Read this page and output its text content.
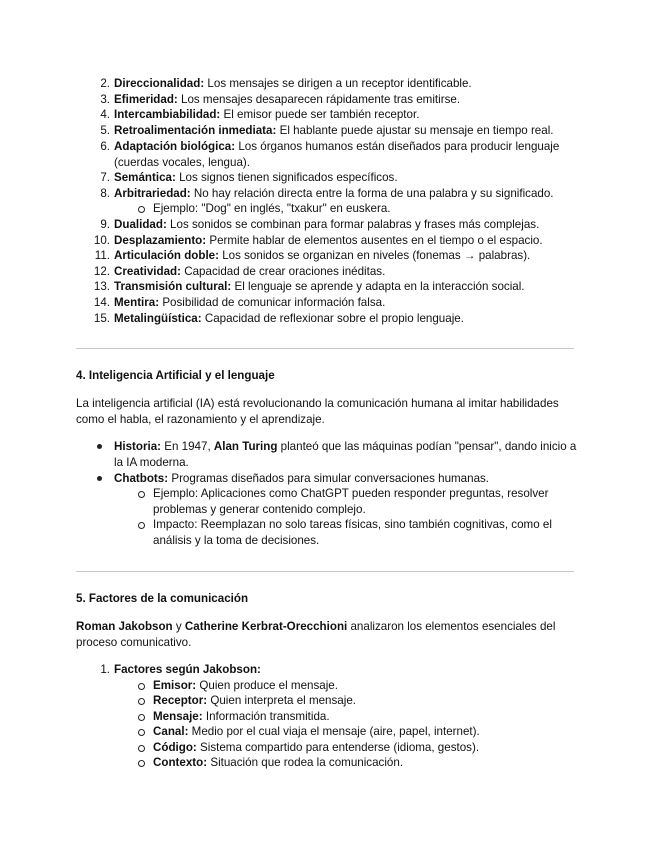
2. Direccionalidad: Los mensajes se dirigen a un receptor identificable.
3. Efimeridad: Los mensajes desaparecen rápidamente tras emitirse.
4. Intercambiabilidad: El emisor puede ser también receptor.
5. Retroalimentación inmediata: El hablante puede ajustar su mensaje en tiempo real.
6. Adaptación biológica: Los órganos humanos están diseñados para producir lenguaje (cuerdas vocales, lengua).
7. Semántica: Los signos tienen significados específicos.
8. Arbitrariedad: No hay relación directa entre la forma de una palabra y su significado.
Ejemplo: "Dog" en inglés, "txakur" en euskera.
9. Dualidad: Los sonidos se combinan para formar palabras y frases más complejas.
10. Desplazamiento: Permite hablar de elementos ausentes en el tiempo o el espacio.
11. Articulación doble: Los sonidos se organizan en niveles (fonemas → palabras).
12. Creatividad: Capacidad de crear oraciones inéditas.
13. Transmisión cultural: El lenguaje se aprende y adapta en la interacción social.
14. Mentira: Posibilidad de comunicar información falsa.
15. Metalingüística: Capacidad de reflexionar sobre el propio lenguaje.
4. Inteligencia Artificial y el lenguaje
La inteligencia artificial (IA) está revolucionando la comunicación humana al imitar habilidades como el habla, el razonamiento y el aprendizaje.
Historia: En 1947, Alan Turing planteó que las máquinas podían "pensar", dando inicio a la IA moderna.
Chatbots: Programas diseñados para simular conversaciones humanas.
Ejemplo: Aplicaciones como ChatGPT pueden responder preguntas, resolver problemas y generar contenido complejo.
Impacto: Reemplazan no solo tareas físicas, sino también cognitivas, como el análisis y la toma de decisiones.
5. Factores de la comunicación
Roman Jakobson y Catherine Kerbrat-Orecchioni analizaron los elementos esenciales del proceso comunicativo.
1. Factores según Jakobson:
Emisor: Quien produce el mensaje.
Receptor: Quien interpreta el mensaje.
Mensaje: Información transmitida.
Canal: Medio por el cual viaja el mensaje (aire, papel, internet).
Código: Sistema compartido para entenderse (idioma, gestos).
Contexto: Situación que rodea la comunicación.
